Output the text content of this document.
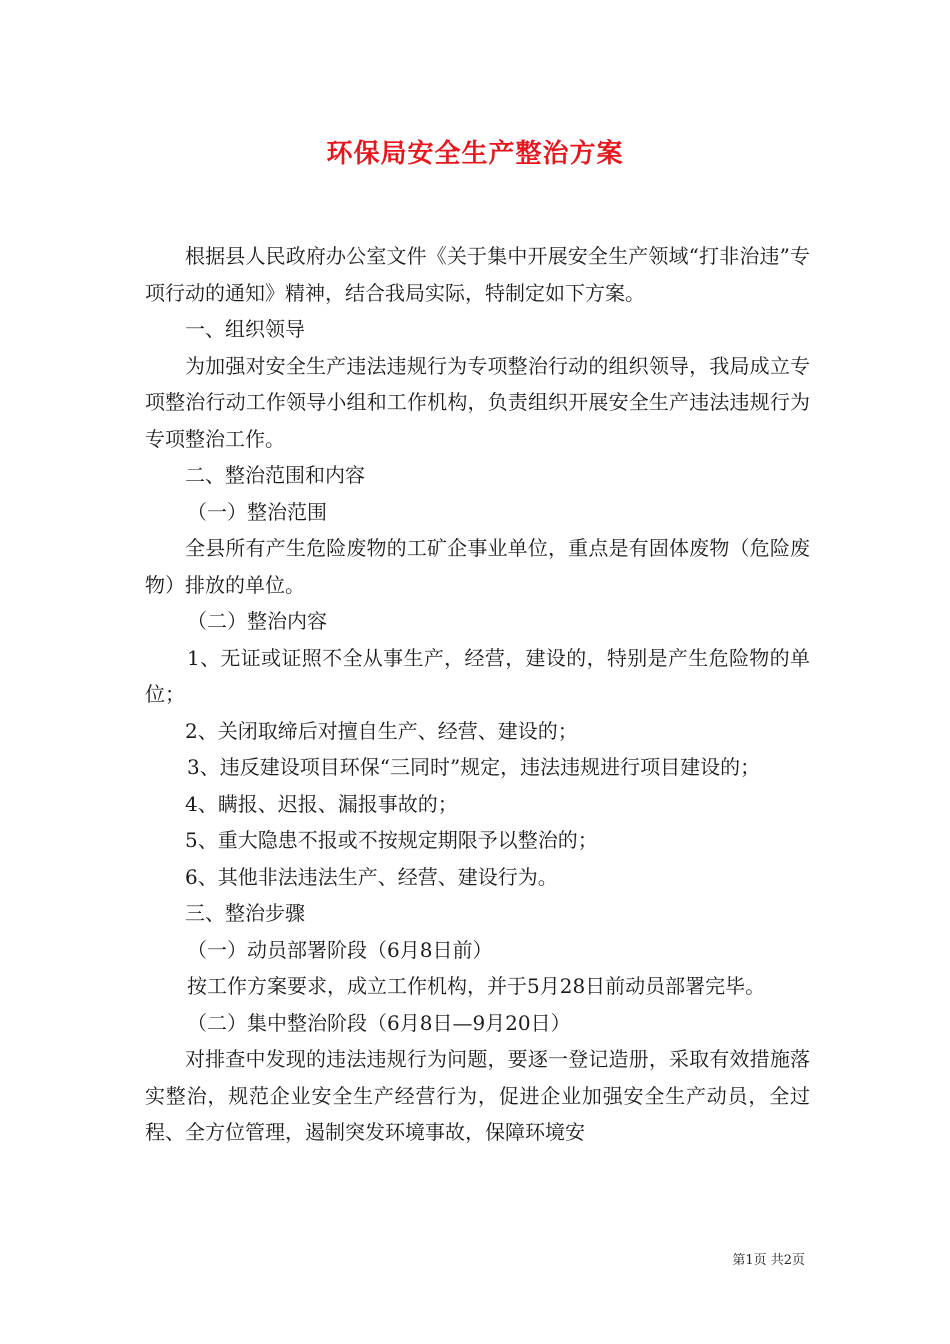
环保局安全生产整治方案

根据县人民政府办公室文件《关于集中开展安全生产领域“打非治违”专项行动的通知》精神，结合我局实际，特制定如下方案。

一、组织领导

为加强对安全生产违法违规行为专项整治行动的组织领导，我局成立专项整治行动工作领导小组和工作机构，负责组织开展安全生产违法违规行为专项整治工作。

二、整治范围和内容

（一）整治范围

全县所有产生危险废物的工矿企事业单位，重点是有固体废物（危险废物）排放的单位。

（二）整治内容

1、无证或证照不全从事生产，经营，建设的，特别是产生危险物的单位；

2、关闭取缔后对擅自生产、经营、建设的；

3、违反建设项目环保“三同时”规定，违法违规进行项目建设的；

4、瞒报、迟报、漏报事故的；

5、重大隐患不报或不按规定期限予以整治的；

6、其他非法违法生产、经营、建设行为。

三、整治步骤

（一）动员部署阶段（6月8日前）

按工作方案要求，成立工作机构，并于5月28日前动员部署完毕。

（二）集中整治阶段（6月8日—9月20日）

对排查中发现的违法违规行为问题，要逐一登记造册，采取有效措施落实整治，规范企业安全生产经营行为，促进企业加强安全生产动员，全过程、全方位管理，遏制突发环境事故，保障环境安

第1页 共2页
